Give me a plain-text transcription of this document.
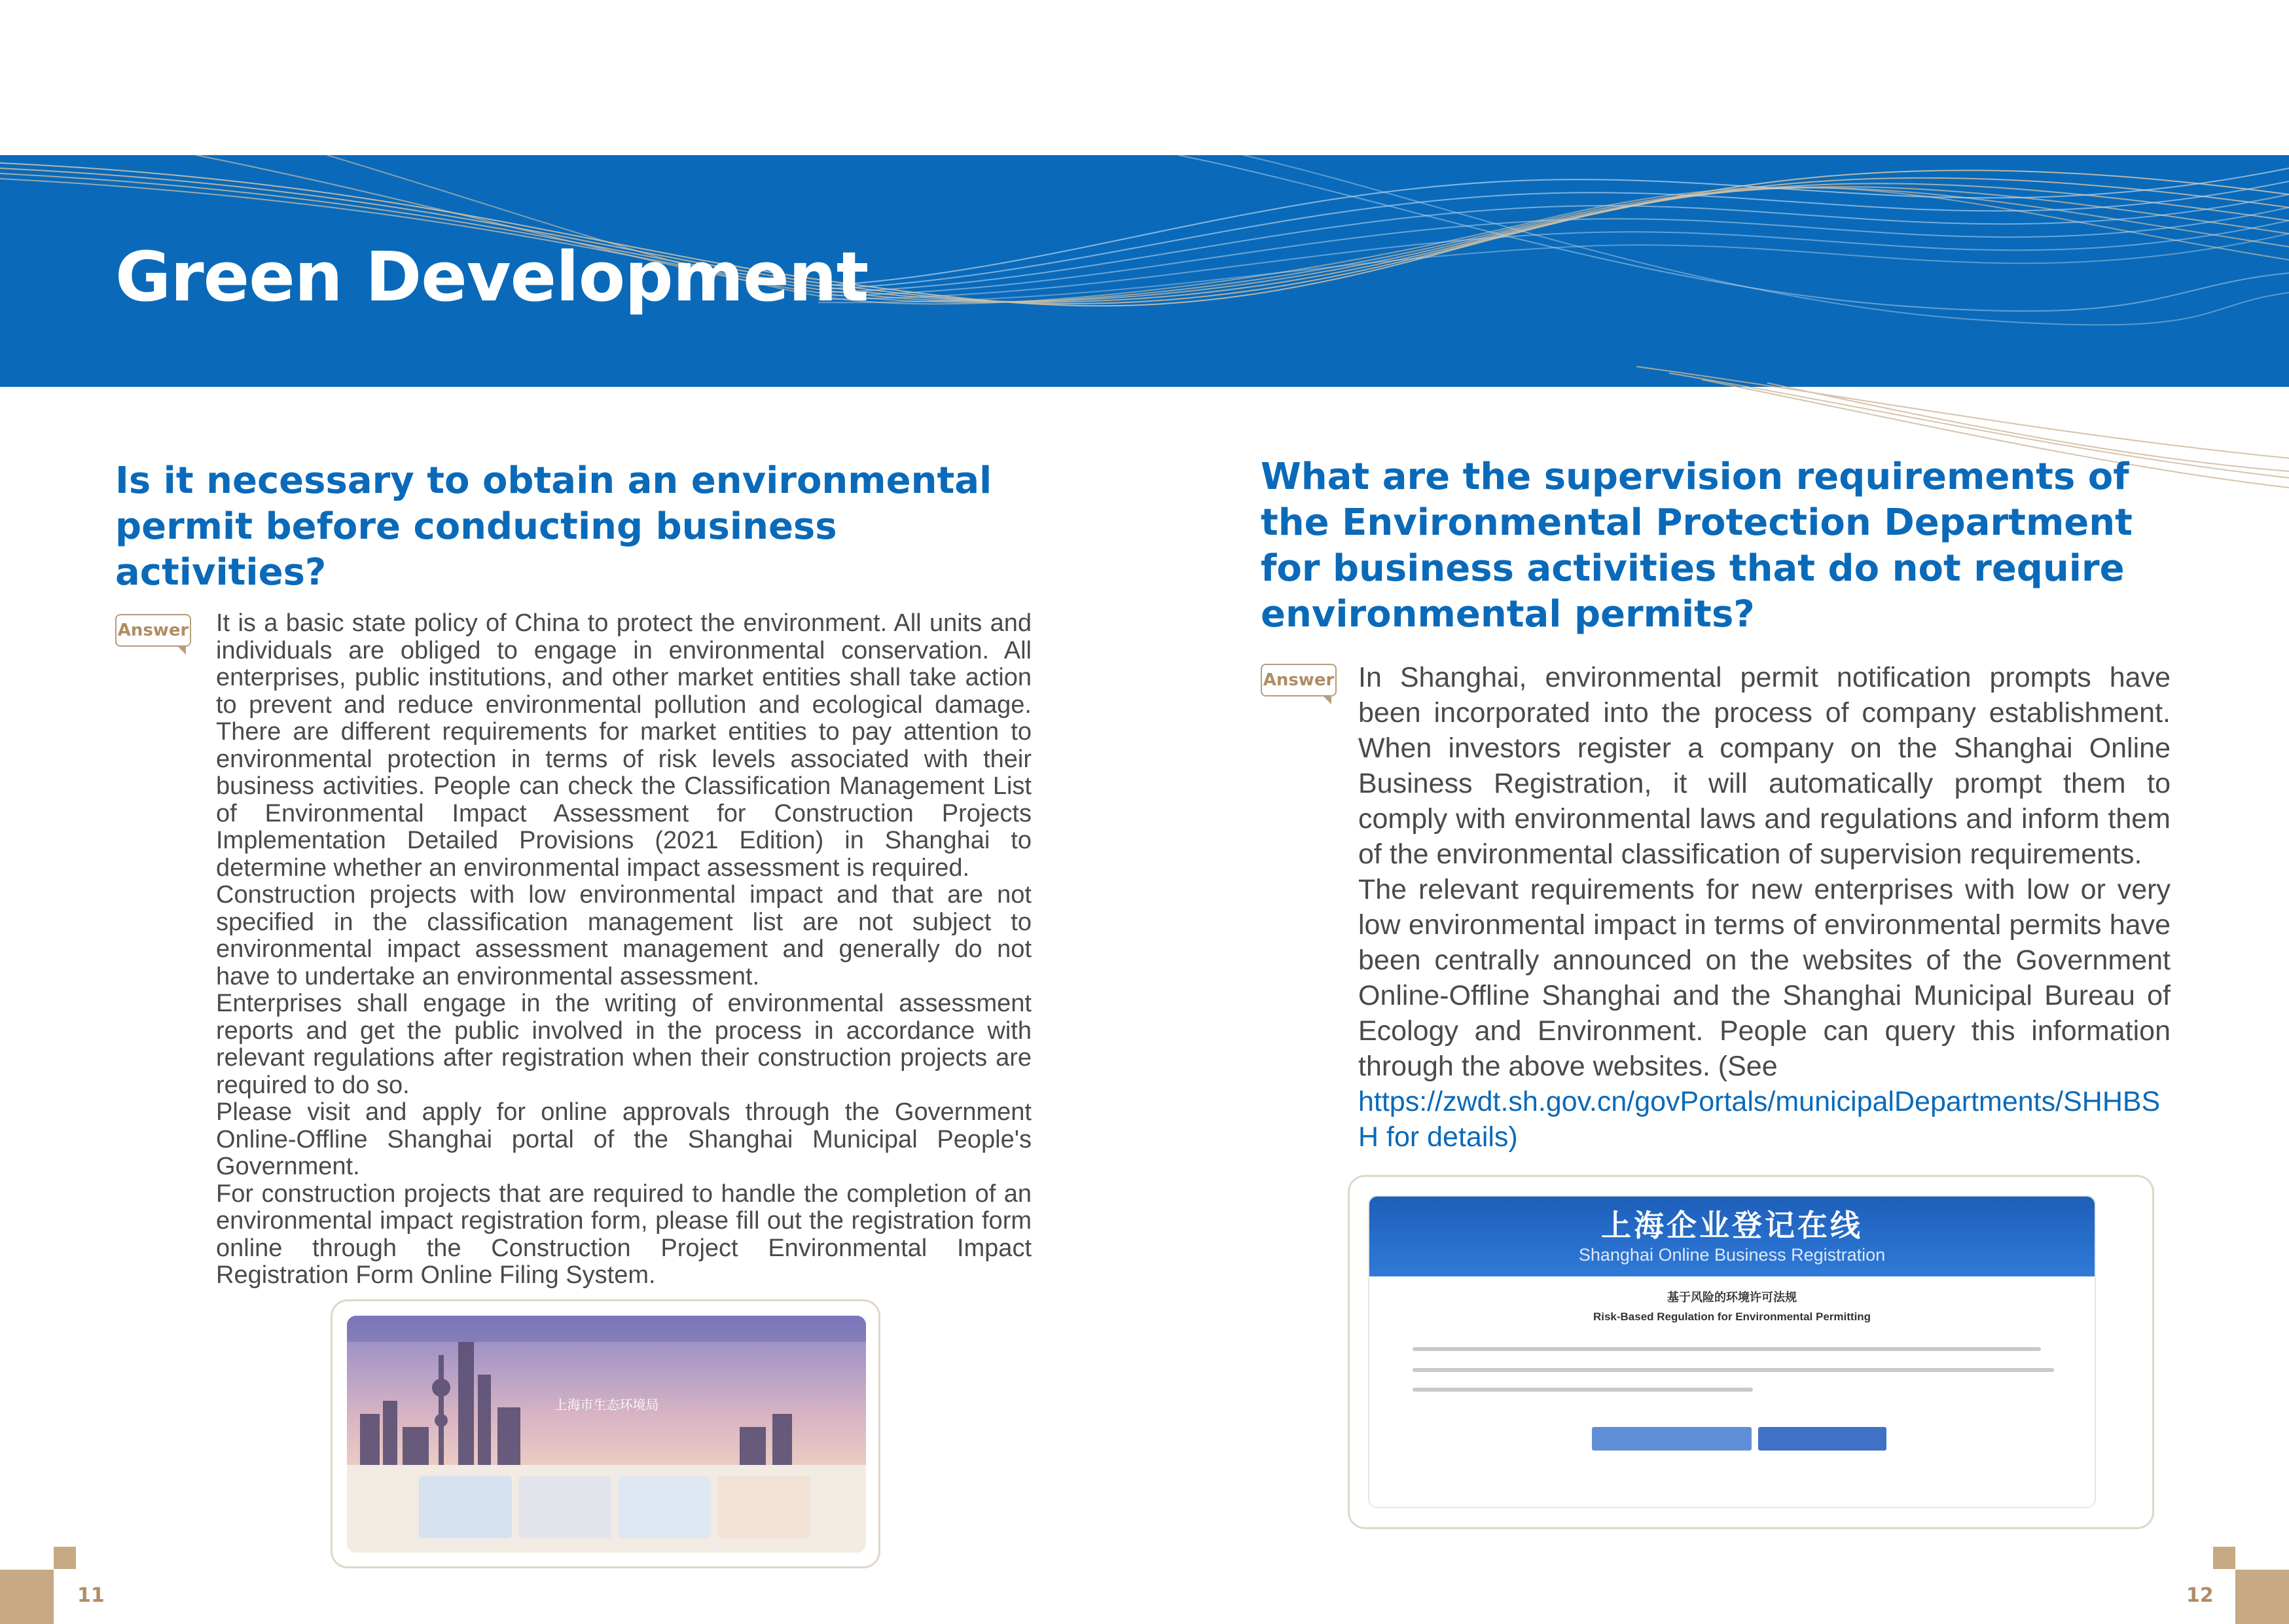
Green Development
Is it necessary to obtain an environmental permit before conducting business activities?
Answer It is a basic state policy of China to protect the environment. All units and individuals are obliged to engage in environmental conservation. All enterprises, public institutions, and other market entities shall take action to prevent and reduce environmental pollution and ecological damage. There are different requirements for market entities to pay attention to environmental protection in terms of risk levels associated with their business activities. People can check the Classification Management List of Environmental Impact Assessment for Construction Projects Implementation Detailed Provisions (2021 Edition) in Shanghai to determine whether an environmental impact assessment is required.

Construction projects with low environmental impact and that are not specified in the classification management list are not subject to environmental impact assessment management and generally do not have to undertake an environmental assessment.

Enterprises shall engage in the writing of environmental assessment reports and get the public involved in the process in accordance with relevant regulations after registration when their construction projects are required to do so.

Please visit and apply for online approvals through the Government Online-Offline Shanghai portal of the Shanghai Municipal People's Government.

For construction projects that are required to handle the completion of an environmental impact registration form, please fill out the registration form online through the Construction Project Environmental Impact Registration Form Online Filing System.

What are the supervision requirements of the Environmental Protection Department for business activities that do not require environmental permits?
Answer In Shanghai, environmental permit notification prompts have been incorporated into the process of company establishment. When investors register a company on the Shanghai Online Business Registration, it will automatically prompt them to comply with environmental laws and regulations and inform them of the environmental classification of supervision requirements.

The relevant requirements for new enterprises with low or very low environmental impact in terms of environmental permits have been centrally announced on the websites of the Government Online-Offline Shanghai and the Shanghai Municipal Bureau of Ecology and Environment. People can query this information through the above websites. (See

https://zwdt.sh.gov.cn/govPortals/municipalDepartments/SHHBSH for details)

上海市生态环境局
上海企业登记在线
Shanghai Online Business Registration
基于风险的环境许可法规
Risk-Based Regulation for Environmental Permitting
11	12
